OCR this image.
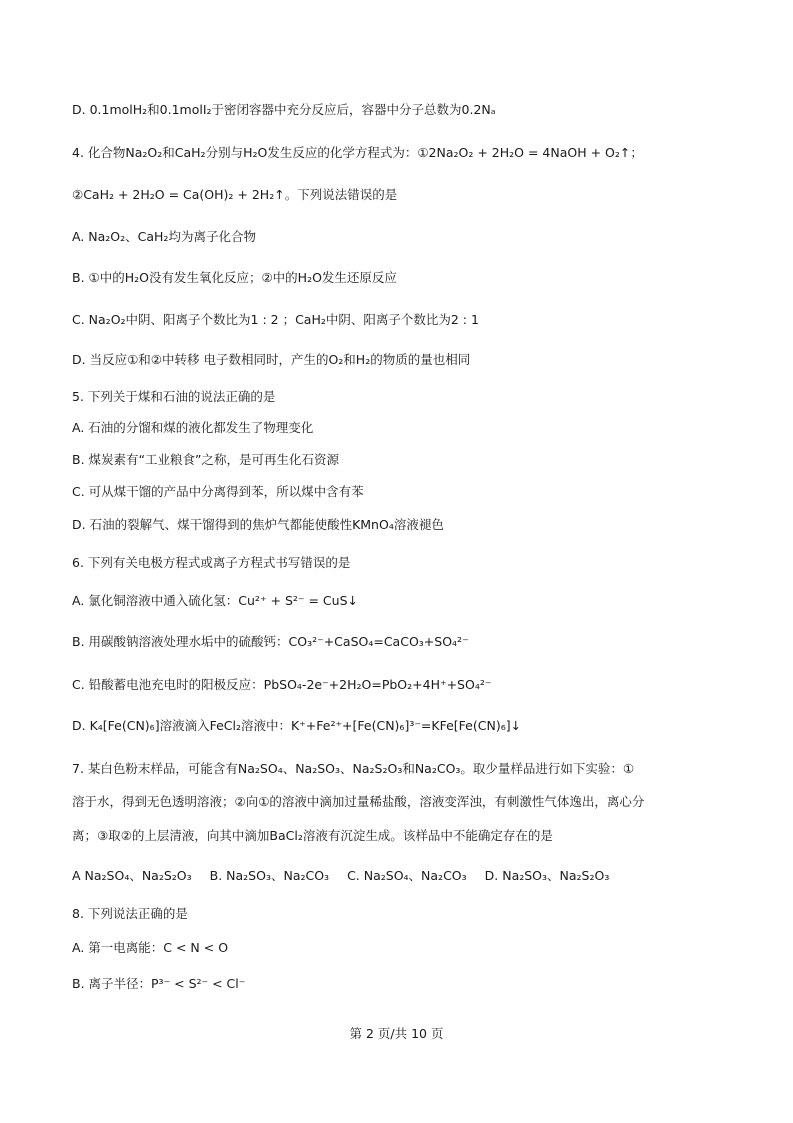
D. 0.1molH₂和0.1molI₂于密闭容器中充分反应后，容器中分子总数为0.2Nₐ
4. 化合物Na₂O₂和CaH₂分别与H₂O发生反应的化学方程式为：①2Na₂O₂ + 2H₂O = 4NaOH + O₂↑；
②CaH₂ + 2H₂O = Ca(OH)₂ + 2H₂↑。下列说法错误的是
A. Na₂O₂、CaH₂均为离子化合物
B. ①中的H₂O没有发生氧化反应；②中的H₂O发生还原反应
C. Na₂O₂中阴、阳离子个数比为1 : 2 ；CaH₂中阴、阳离子个数比为2 : 1
D. 当反应①和②中转移 电子数相同时，产生的O₂和H₂的物质的量也相同
5. 下列关于煤和石油的说法正确的是
A. 石油的分馏和煤的液化都发生了物理变化
B. 煤炭素有“工业粮食”之称，是可再生化石资源
C. 可从煤干馏的产品中分离得到苯，所以煤中含有苯
D. 石油的裂解气、煤干馏得到的焦炉气都能使酸性KMnO₄溶液褪色
6. 下列有关电极方程式或离子方程式书写错误的是
A. 氯化铜溶液中通入硫化氢：Cu²⁺ + S²⁻ = CuS↓
B. 用碳酸钠溶液处理水垢中的硫酸钙：CO₃²⁻+CaSO₄=CaCO₃+SO₄²⁻
C. 铅酸蓄电池充电时的阳极反应：PbSO₄-2e⁻+2H₂O=PbO₂+4H⁺+SO₄²⁻
D. K₄[Fe(CN)₆]溶液滴入FeCl₂溶液中：K⁺+Fe²⁺+[Fe(CN)₆]³⁻=KFe[Fe(CN)₆]↓
7. 某白色粉末样品，可能含有Na₂SO₄、Na₂SO₃、Na₂S₂O₃和Na₂CO₃。取少量样品进行如下实验：①
溶于水，得到无色透明溶液；②向①的溶液中滴加过量稀盐酸，溶液变浑浊，有刺激性气体逸出，离心分
离；③取②的上层清液，向其中滴加BaCl₂溶液有沉淀生成。该样品中不能确定存在的是
A Na₂SO₄、Na₂S₂O₃ B. Na₂SO₃、Na₂CO₃ C. Na₂SO₄、Na₂CO₃ D. Na₂SO₃、Na₂S₂O₃
8. 下列说法正确的是
A. 第一电离能：C < N < O
B. 离子半径：P³⁻ < S²⁻ < Cl⁻
第 2 页/共 10 页
